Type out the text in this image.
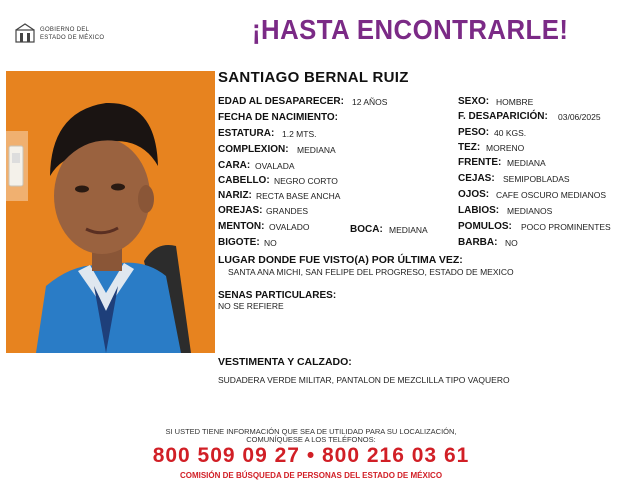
GOBIERNO DEL
ESTADO DE MÉXICO	¡HASTA ENCONTRARLE!
SANTIAGO BERNAL RUIZ
EDAD AL DESAPARECER: 12 AÑOS
FECHA DE NACIMIENTO:
ESTATURA: 1.2 MTS.
COMPLEXION: MEDIANA
CARA: OVALADA
CABELLO: NEGRO CORTO
NARIZ: RECTA BASE ANCHA
OREJAS: GRANDES
MENTON: OVALADO	BOCA: MEDIANA
BIGOTE: NO
SEXO: HOMBRE
F. DESAPARICIÓN: 03/06/2025
PESO: 40 KGS.
TEZ: MORENO
FRENTE: MEDIANA
CEJAS: SEMIPOBLADAS
OJOS: CAFE OSCURO MEDIANOS
LABIOS: MEDIANOS
POMULOS: POCO PROMINENTES
BARBA: NO
LUGAR DONDE FUE VISTO(A) POR ÚLTIMA VEZ:
SANTA ANA MICHI, SAN FELIPE DEL PROGRESO, ESTADO DE MEXICO
SENAS PARTICULARES:
NO SE REFIERE
VESTIMENTA Y CALZADO:
SUDADERA VERDE MILITAR, PANTALON DE MEZCLILLA TIPO VAQUERO
SI USTED TIENE INFORMACIÓN QUE SEA DE UTILIDAD PARA SU LOCALIZACIÓN,
COMUNÍQUESE A LOS TELÉFONOS:
800 509 09 27 • 800 216 03 61
COMISIÓN DE BÚSQUEDA DE PERSONAS DEL ESTADO DE MÉXICO
